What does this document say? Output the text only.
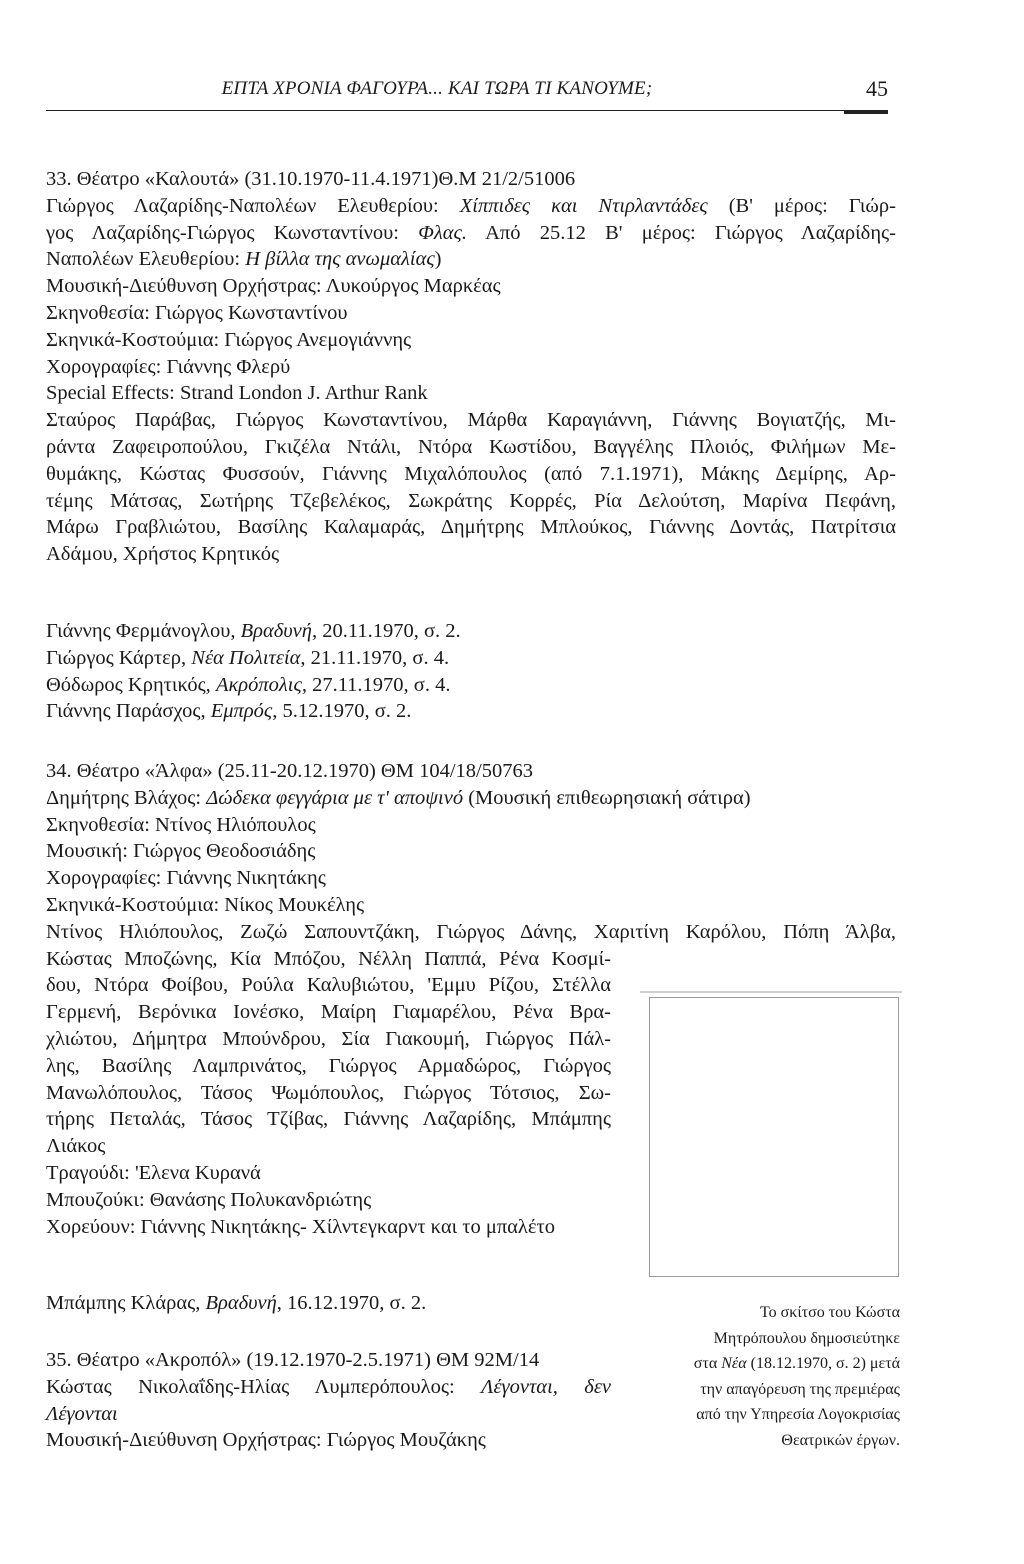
ΕΠΤΑ ΧΡΟΝΙΑ ΦΑΓΟΥΡΑ... ΚΑΙ ΤΩΡΑ ΤΙ ΚΑΝΟΥΜΕ;	45
33. Θέατρο «Καλουτά» (31.10.1970-11.4.1971)Θ.Μ 21/2/51006
Γιώργος Λαζαρίδης-Ναπολέων Ελευθερίου: Χίππιδες και Ντιρλαντάδες (Β' μέρος: Γιώρ-
γος Λαζαρίδης-Γιώργος Κωνσταντίνου: Φλας. Από 25.12 Β' μέρος: Γιώργος Λαζαρίδης-
Ναπολέων Ελευθερίου: Η βίλλα της ανωμαλίας)
Μουσική-Διεύθυνση Ορχήστρας: Λυκούργος Μαρκέας
Σκηνοθεσία: Γιώργος Κωνσταντίνου
Σκηνικά-Κοστούμια: Γιώργος Ανεμογιάννης
Χορογραφίες: Γιάννης Φλερύ
Special Effects: Strand London J. Arthur Rank
Σταύρος Παράβας, Γιώργος Κωνσταντίνου, Μάρθα Καραγιάννη, Γιάννης Βογιατζής, Μι-
ράντα Ζαφειροπούλου, Γκιζέλα Ντάλι, Ντόρα Κωστίδου, Βαγγέλης Πλοιός, Φιλήμων Με-
θυμάκης, Κώστας Φυσσούν, Γιάννης Μιχαλόπουλος (από 7.1.1971), Μάκης Δεμίρης, Αρ-
τέμης Μάτσας, Σωτήρης Τζεβελέκος, Σωκράτης Κορρές, Ρία Δελούτση, Μαρίνα Πεφάνη,
Μάρω Γραβλιώτου, Βασίλης Καλαμαράς, Δημήτρης Μπλούκος, Γιάννης Δοντάς, Πατρίτσια
Αδάμου, Χρήστος Κρητικός
Γιάννης Φερμάνογλου, Βραδυνή, 20.11.1970, σ. 2.
Γιώργος Κάρτερ, Νέα Πολιτεία, 21.11.1970, σ. 4.
Θόδωρος Κρητικός, Ακρόπολις, 27.11.1970, σ. 4.
Γιάννης Παράσχος, Εμπρός, 5.12.1970, σ. 2.
34. Θέατρο «Άλφα» (25.11-20.12.1970) ΘΜ 104/18/50763
Δημήτρης Βλάχος: Δώδεκα φεγγάρια με τ' αποψινό (Μουσική επιθεωρησιακή σάτιρα)
Σκηνοθεσία: Ντίνος Ηλιόπουλος
Μουσική: Γιώργος Θεοδοσιάδης
Χορογραφίες: Γιάννης Νικητάκης
Σκηνικά-Κοστούμια: Νίκος Μουκέλης
Ντίνος Ηλιόπουλος, Ζωζώ Σαπουντζάκη, Γιώργος Δάνης, Χαριτίνη Καρόλου, Πόπη Άλβα,
Κώστας Μποζώνης, Κία Μπόζου, Νέλλη Παππά, Ρένα Κοσμί-
δου, Ντόρα Φοίβου, Ρούλα Καλυβιώτου, 'Εμμυ Ρίζου, Στέλλα
Γερμενή, Βερόνικα Ιονέσκο, Μαίρη Γιαμαρέλου, Ρένα Βρα-
χλιώτου, Δήμητρα Μπούνδρου, Σία Γιακουμή, Γιώργος Πάλ-
λης, Βασίλης Λαμπρινάτος, Γιώργος Αρμαδώρος, Γιώργος
Μανωλόπουλος, Τάσος Ψωμόπουλος, Γιώργος Τότσιος, Σω-
τήρης Πεταλάς, Τάσος Τζίβας, Γιάννης Λαζαρίδης, Μπάμπης
Λιάκος
Τραγούδι: 'Ελενα Κυρανά
Μπουζούκι: Θανάσης Πολυκανδριώτης
Χορεύουν: Γιάννης Νικητάκης- Χίλντεγκαρντ και το μπαλέτο
Μπάμπης Κλάρας, Βραδυνή, 16.12.1970, σ. 2.
35. Θέατρο «Ακροπόλ» (19.12.1970-2.5.1971) ΘΜ 92Μ/14
Κώστας Νικολαΐδης-Ηλίας Λυμπερόπουλος: Λέγονται, δεν
Λέγονται
Μουσική-Διεύθυνση Ορχήστρας: Γιώργος Μουζάκης
Το σκίτσο του Κώστα
Μητρόπουλου δημοσιεύτηκε
στα Νέα (18.12.1970, σ. 2) μετά
την απαγόρευση της πρεμιέρας
από την Υπηρεσία Λογοκρισίας
Θεατρικών έργων.
